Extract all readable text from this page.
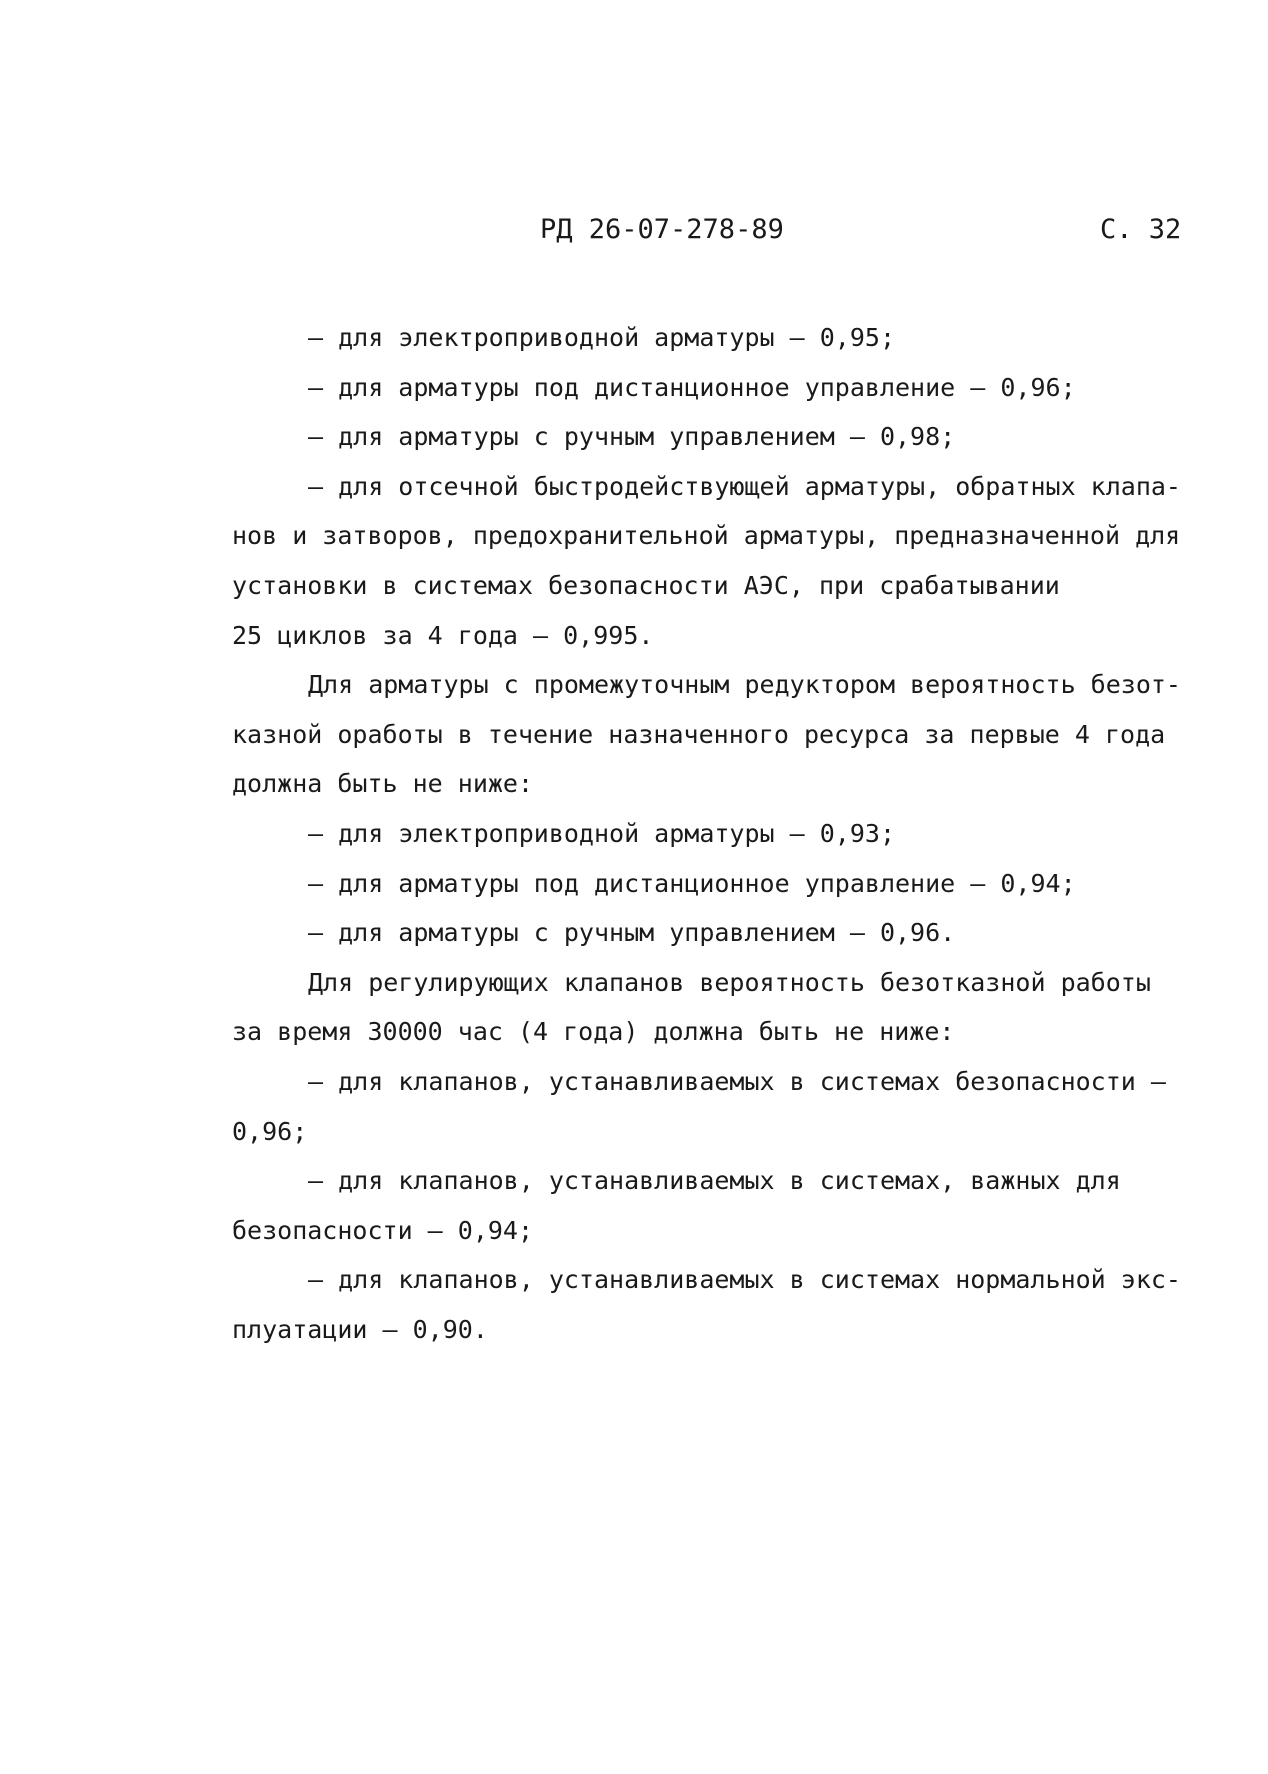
РД 26-07-278-89	С. 32
– для электроприводной арматуры – 0,95;
– для арматуры под дистанционное управление – 0,96;
– для арматуры с ручным управлением – 0,98;
– для отсечной быстродействующей арматуры, обратных клапа-
нов и затворов, предохранительной арматуры, предназначенной для
установки в системах безопасности АЭС, при срабатывании
25 циклов за 4 года – 0,995.
Для арматуры с промежуточным редуктором вероятность безот-
казной оработы в течение назначенного ресурса за первые 4 года
должна быть не ниже:
– для электроприводной арматуры – 0,93;
– для арматуры под дистанционное управление – 0,94;
– для арматуры с ручным управлением – 0,96.
Для регулирующих клапанов вероятность безотказной работы
за время 30000 час (4 года) должна быть не ниже:
– для клапанов, устанавливаемых в системах безопасности –
0,96;
– для клапанов, устанавливаемых в системах, важных для
безопасности – 0,94;
– для клапанов, устанавливаемых в системах нормальной экс-
плуатации – 0,90.
